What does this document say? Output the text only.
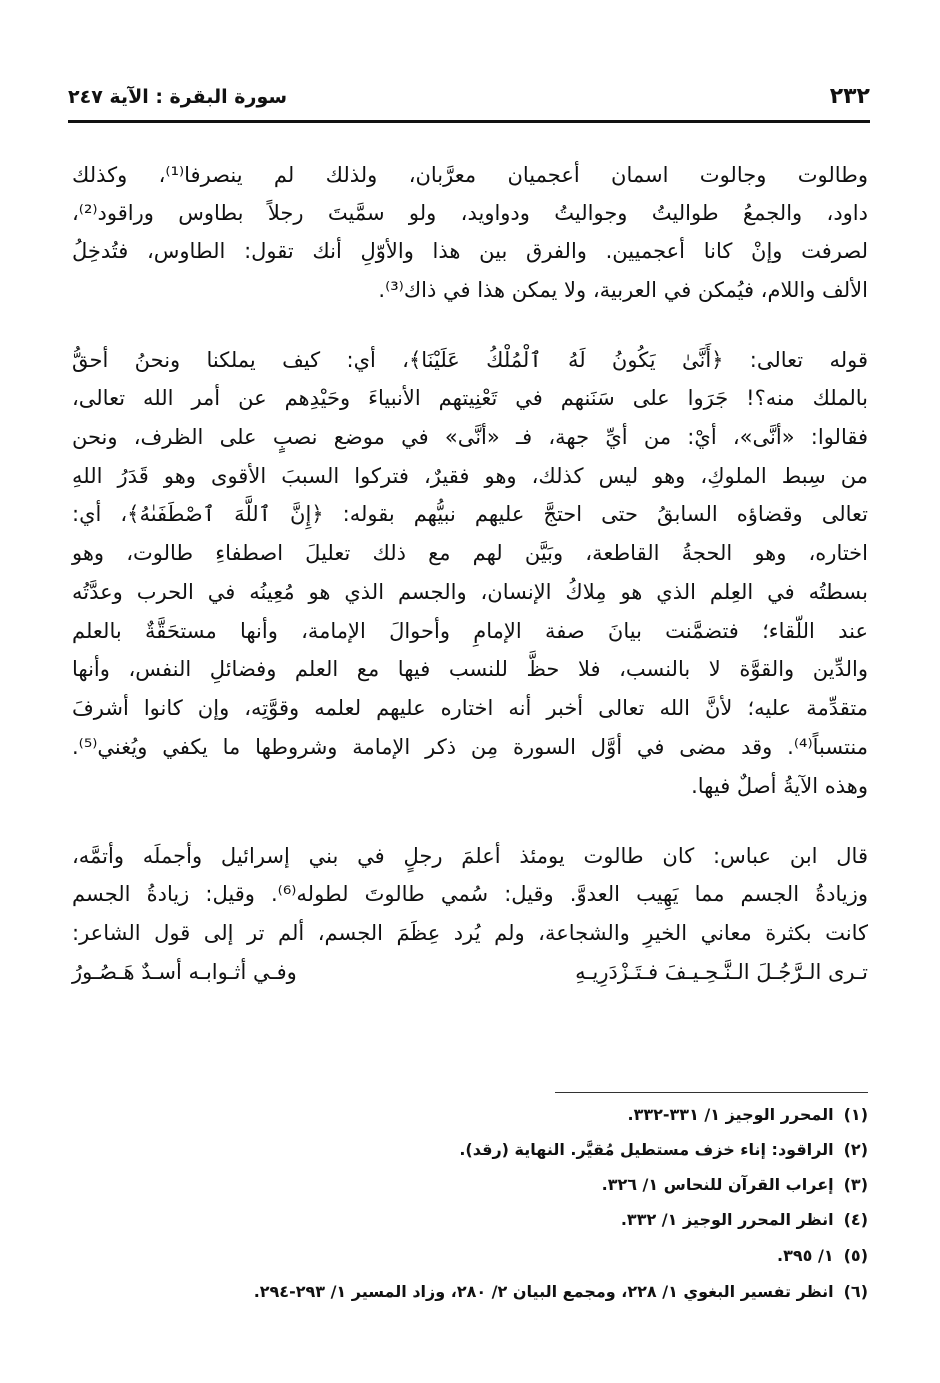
٢٣٢
سورة البقرة : الآية ٢٤٧
وطالوت وجالوت اسمان أعجميان معرَّبان، ولذلك لم ينصرفا⁽¹⁾، وكذلك
داود، والجمعُ طواليتُ وجواليتُ ودواويد، ولو سمَّيتَ رجلاً بطاوس وراقود⁽²⁾،
لصرفت وإنْ كانا أعجميين. والفرق بين هذا والأوّلِ أنك تقول: الطاوس، فتُدخِلُ
الألف واللام، فيُمكن في العربية، ولا يمكن هذا في ذاك⁽³⁾.
قوله تعالى: ﴿أَنَّىٰ يَكُونُ لَهُ ٱلْمُلْكُ عَلَيْنَا﴾، أي: كيف يملكنا ونحنُ أحقُّ
بالملك منه؟! جَرَوا على سَنَنهم في تَعْنِيتهم الأنبياءَ وحَيْدِهم عن أمر الله تعالى،
فقالوا: «أنَّى»، أيْ: من أيِّ جهة، فـ «أنَّى» في موضع نصبٍ على الظرف، ونحن
من سِبط الملوكِ، وهو ليس كذلك، وهو فقيرٌ، فتركوا السببَ الأقوى وهو قَدَرُ اللهِ
تعالى وقضاؤه السابقُ حتى احتجَّ عليهم نبيُّهم بقوله: ﴿إِنَّ ٱللَّهَ ٱصْطَفَىٰهُ﴾، أي:
اختاره، وهو الحجةُ القاطعة، وبَيَّن لهم مع ذلك تعليلَ اصطفاءِ طالوت، وهو
بسطتُه في العِلم الذي هو مِلاكُ الإنسان، والجسم الذي هو مُعِينُه في الحرب وعدَّتُه
عند اللّقاء؛ فتضمَّنت بيانَ صفة الإمامِ وأحوالَ الإمامة، وأنها مستحَقَّةٌ بالعلم
والدِّين والقوَّة لا بالنسب، فلا حظَّ للنسب فيها مع العلم وفضائلِ النفس، وأنها
متقدِّمة عليه؛ لأنَّ الله تعالى أخبر أنه اختاره عليهم لعلمه وقوَّتِه، وإن كانوا أشرفَ
منتسباً⁽⁴⁾. وقد مضى في أوَّل السورة مِن ذكر الإمامة وشروطها ما يكفي ويُغني⁽⁵⁾.
وهذه الآيةُ أصلٌ فيها.
قال ابن عباس: كان طالوت يومئذ أعلمَ رجلٍ في بني إسرائيل وأجملَه وأتمَّه،
وزيادةُ الجسم مما يَهِيب العدوَّ. وقيل: سُمي طالوتَ لطوله⁽⁶⁾. وقيل: زيادةُ الجسم
كانت بكثرة معاني الخيرِ والشجاعة، ولم يُرد عِظَمَ الجسم، ألم تر إلى قول الشاعر:
تـرى الـرَّجُـلَ الـنَّـحِـيـفَ فـتَـزْدَرِيـهِ
وفـي أثـوابـه أسـدٌ هَـصُـورُ
(١)المحرر الوجيز ١/ ٣٣١-٣٣٢.
(٢)الراقود: إناء خزف مستطيل مُقيَّر. النهاية (رقد).
(٣)إعراب القرآن للنحاس ١/ ٣٢٦.
(٤)انظر المحرر الوجيز ١/ ٣٣٢.
(٥)١/ ٣٩٥.
(٦)انظر تفسير البغوي ١/ ٢٢٨، ومجمع البيان ٢/ ٢٨٠، وزاد المسير ١/ ٢٩٣-٢٩٤.
